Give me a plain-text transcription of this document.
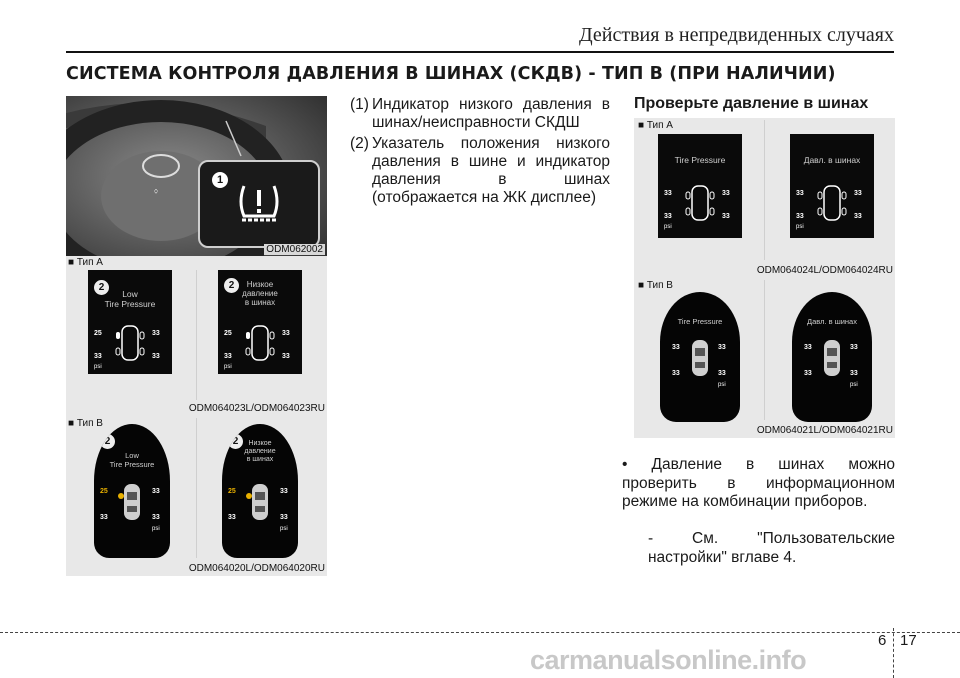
Действия в непредвиденных случаях
СИСТЕМА КОНТРОЛЯ ДАВЛЕНИЯ В ШИНАХ (СКДВ) - ТИП B (ПРИ НАЛИЧИИ)
⛭
1
ODM062002
■ Тип A
2
Low
Tire Pressure
25	33
33	33
psi
2	Низкое
давление
в шинах
25	33
33	33
psi
ODM064023L/ODM064023RU
■ Тип B
2
Low
Tire Pressure
25	33
33	33
psi
2	Низкое
давление
в шинах
25	33
33	33
psi
ODM064020L/ODM064020RU
(1) Индикатор низкого давления в шинах/неисправности СКДШ
(2) Указатель положения низкого давления в шине и индикатор давления в шинах (отображается на ЖК дисплее)
Проверьте давление в шинах
■ Тип A
Tire Pressure
33	33
33	33
psi
Давл. в шинах
33	33
33	33
psi
ODM064024L/ODM064024RU
■ Тип B
Tire Pressure
33	33
33	33
psi
Давл. в шинах
33	33
33	33
psi
ODM064021L/ODM064021RU
• Давление в шинах можно проверить в информационном режиме на комбинации приборов.
- См. "Пользовательские настройки" вглаве 4.
6 17
carmanualsonline.info
